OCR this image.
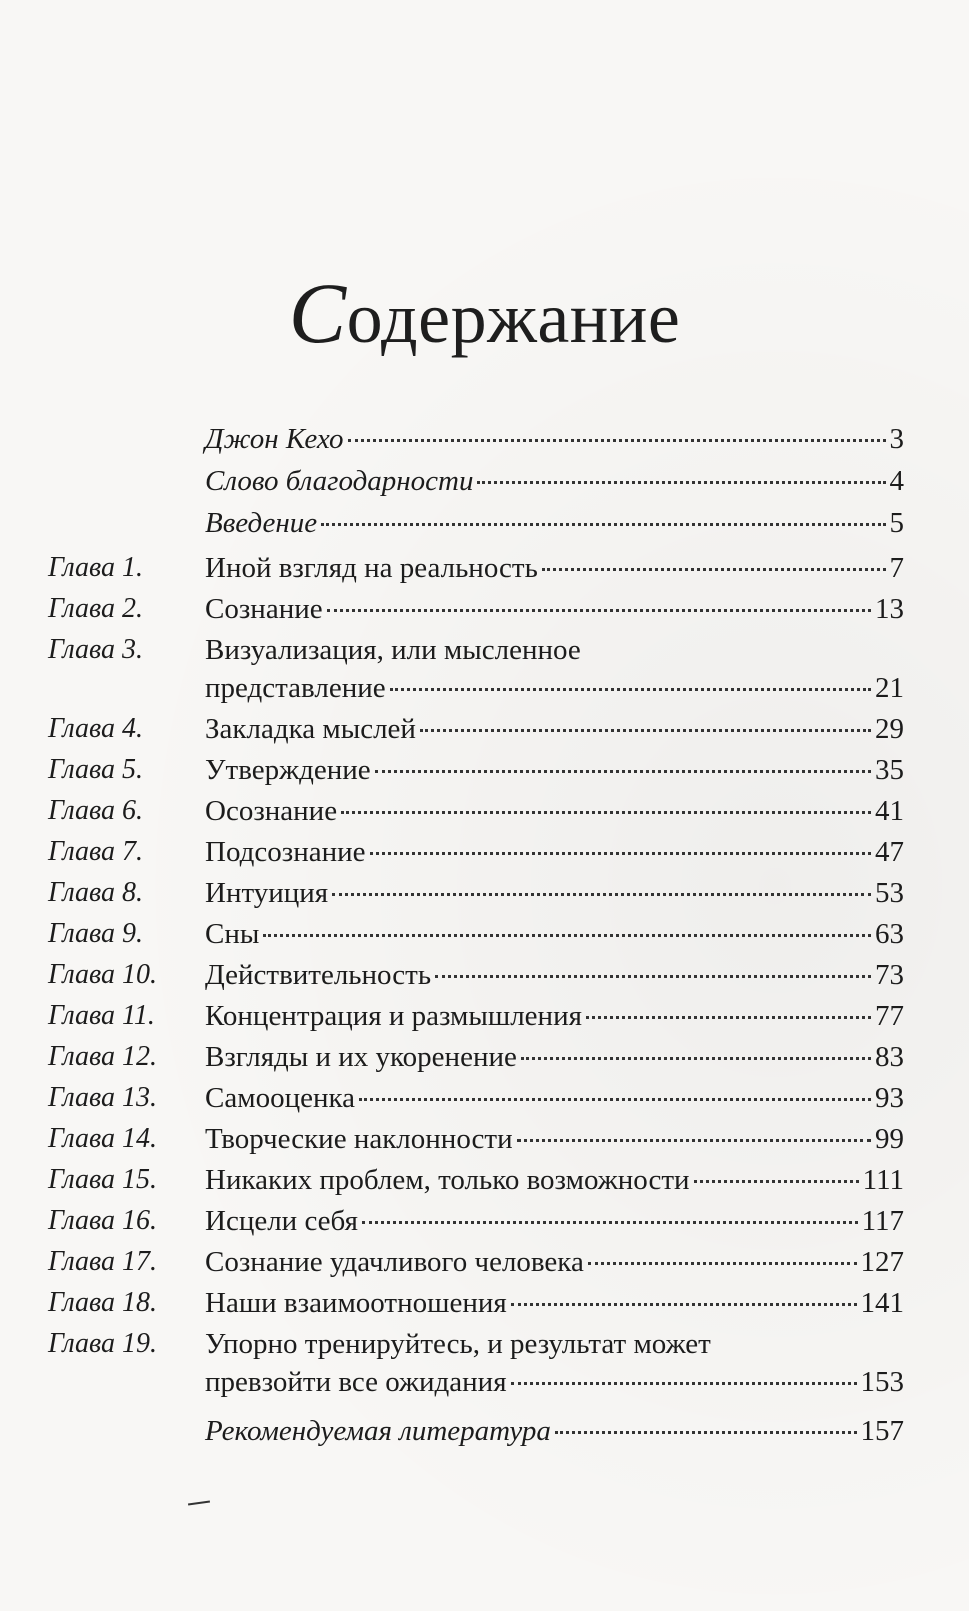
Содержание
Джон Кехо	3
Слово благодарности	4
Введение	5
Глава 1. Иной взгляд на реальность	7
Глава 2. Сознание	13
Глава 3. Визуализация, или мысленное
представление	21
Глава 4. Закладка мыслей	29
Глава 5. Утверждение	35
Глава 6. Осознание	41
Глава 7. Подсознание	47
Глава 8. Интуиция	53
Глава 9. Сны	63
Глава 10. Действительность	73
Глава 11. Концентрация и размышления	77
Глава 12. Взгляды и их укоренение	83
Глава 13. Самооценка	93
Глава 14. Творческие наклонности	99
Глава 15. Никаких проблем, только возможности	111
Глава 16. Исцели себя	117
Глава 17. Сознание удачливого человека	127
Глава 18. Наши взаимоотношения	141
Глава 19. Упорно тренируйтесь, и результат может
превзойти все ожидания	153
Рекомендуемая литература	157
